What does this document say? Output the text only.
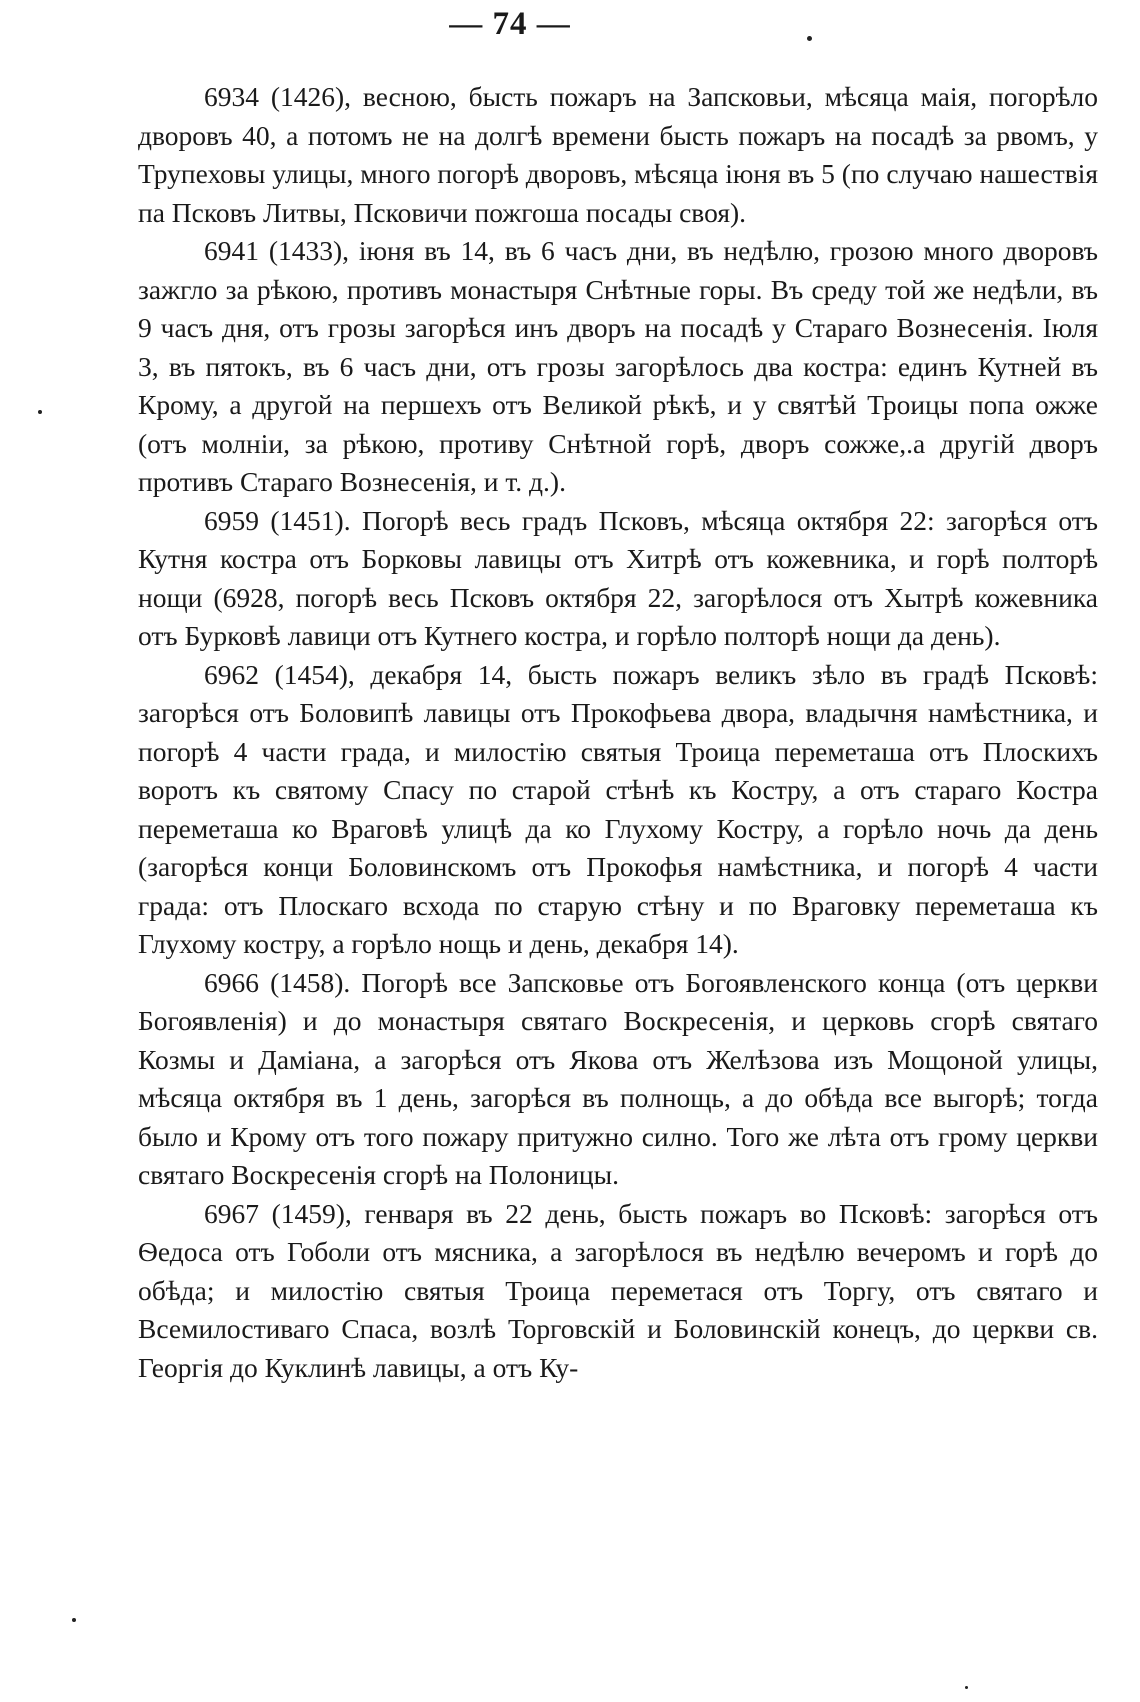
— 74 —

6934 (1426), весною, бысть пожаръ на Запсковьи, мѣсяца маія, погорѣло дворовъ 40, а потомъ не на долгѣ времени бысть пожаръ на посадѣ за рвомъ, у Трупеховы улицы, много погорѣ дворовъ, мѣсяца іюня въ 5 (по случаю нашествія па Псковъ Литвы, Псковичи пожгоша посады своя).

6941 (1433), іюня въ 14, въ 6 часъ дни, въ недѣлю, грозою много дворовъ зажгло за рѣкою, противъ монастыря Снѣтные горы. Въ среду той же недѣли, въ 9 часъ дня, отъ грозы загорѣся инъ дворъ на посадѣ у Стараго Вознесенія. Іюля 3, въ пятокъ, въ 6 часъ дни, отъ грозы загорѣлось два костра: единъ Кутней въ Крому, а другой на першехъ отъ Великой рѣкѣ, и у святѣй Троицы попа ожже (отъ молніи, за рѣкою, противу Снѣтной горѣ, дворъ сожже,.а другій дворъ противъ Стараго Вознесенія, и т. д.).

6959 (1451). Погорѣ весь градъ Псковъ, мѣсяца октября 22: загорѣся отъ Кутня костра отъ Борковы лавицы отъ Хитрѣ отъ кожевника, и горѣ полторѣ нощи (6928, погорѣ весь Псковъ октября 22, загорѣлося отъ Хытрѣ кожевника отъ Бурковѣ лавици отъ Кутнего костра, и горѣло полторѣ нощи да день).

6962 (1454), декабря 14, бысть пожаръ великъ зѣло въ градѣ Псковѣ: загорѣся отъ Боловипѣ лавицы отъ Прокофьева двора, владычня намѣстника, и погорѣ 4 части града, и милостію святыя Троица переметаша отъ Плоскихъ воротъ къ святому Спасу по старой стѣнѣ къ Костру, а отъ стараго Костра переметаша ко Враговѣ улицѣ да ко Глухому Костру, а горѣло ночь да день (загорѣся конци Боловинскомъ отъ Прокофья намѣстника, и погорѣ 4 части града: отъ Плоскаго всхода по старую стѣну и по Враговку переметаша къ Глухому костру, а горѣло нощь и день, декабря 14).

6966 (1458). Погорѣ все Запсковье отъ Богоявленского конца (отъ церкви Богоявленія) и до монастыря святаго Воскресенія, и церковь сгорѣ святаго Козмы и Даміана, а загорѣся отъ Якова отъ Желѣзова изъ Мощоной улицы, мѣсяца октября въ 1 день, загорѣся въ полнощь, а до обѣда все выгорѣ; тогда было и Крому отъ того пожару притужно силно. Того же лѣта отъ грому церкви святаго Воскресенія сгорѣ на Полоницы.

6967 (1459), генваря въ 22 день, бысть пожаръ во Псковѣ: загорѣся отъ Ѳедоса отъ Гоболи отъ мясника, а загорѣлося въ недѣлю вечеромъ и горѣ до обѣда; и милостію святыя Троица переметася отъ Торгу, отъ святаго и Всемилостиваго Спаса, возлѣ Торговскій и Боловинскій конецъ, до церкви св. Георгія до Куклинѣ лавицы, а отъ Ку-
